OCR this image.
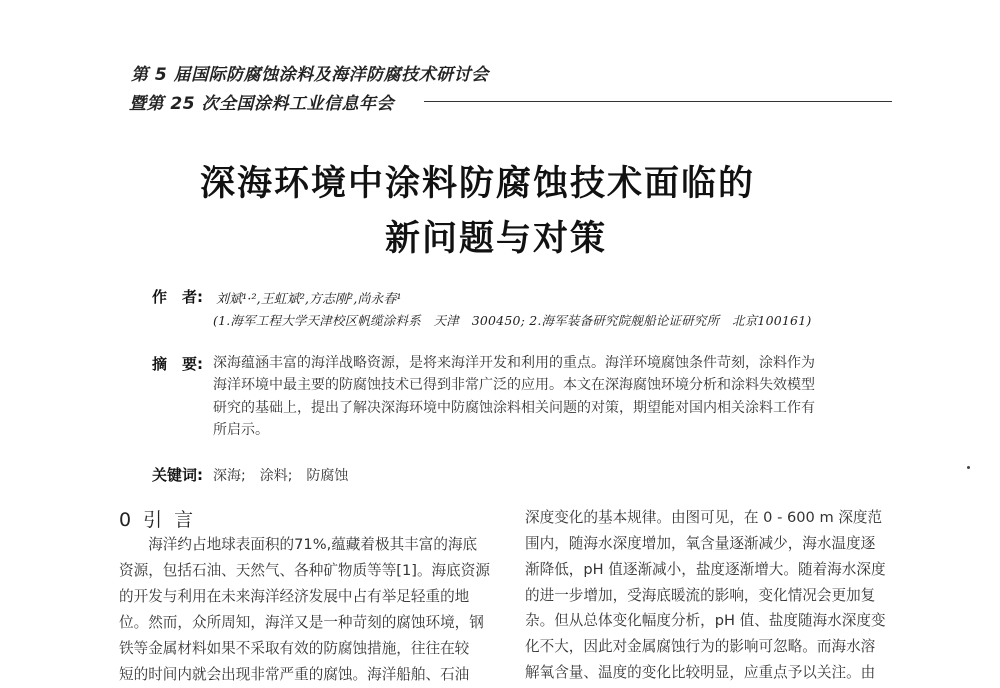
第 5 届国际防腐蚀涂料及海洋防腐技术研讨会
暨第 25 次全国涂料工业信息年会
深海环境中涂料防腐蚀技术面临的
新问题与对策
作　者: 刘斌¹·²,王虹斌²,方志刚²,尚永春¹
(1.海军工程大学天津校区帆缆涂料系　天津　300450; 2.海军装备研究院舰船论证研究所　北京100161)
摘　要: 深海蕴涵丰富的海洋战略资源，是将来海洋开发和利用的重点。海洋环境腐蚀条件苛刻，涂料作为
海洋环境中最主要的防腐蚀技术已得到非常广泛的应用。本文在深海腐蚀环境分析和涂料失效模型
研究的基础上，提出了解决深海环境中防腐蚀涂料相关问题的对策，期望能对国内相关涂料工作有
所启示。
关键词: 深海;　涂料;　防腐蚀
0 引 言
　　海洋约占地球表面积的71%,蕴藏着极其丰富的海底
资源，包括石油、天然气、各种矿物质等等[1]。海底资源
的开发与利用在未来海洋经济发展中占有举足轻重的地
位。然而，众所周知，海洋又是一种苛刻的腐蚀环境，钢
铁等金属材料如果不采取有效的防腐蚀措施，往往在较
短的时间内就会出现非常严重的腐蚀。海洋船舶、石油
深度变化的基本规律。由图可见，在 0 - 600 m 深度范
围内，随海水深度增加，氧含量逐渐减少，海水温度逐
渐降低，pH 值逐渐减小，盐度逐渐增大。随着海水深度
的进一步增加，受海底暖流的影响，变化情况会更加复
杂。但从总体变化幅度分析，pH 值、盐度随海水深度变
化不大，因此对金属腐蚀行为的影响可忽略。而海水溶
解氧含量、温度的变化比较明显，应重点予以关注。由
